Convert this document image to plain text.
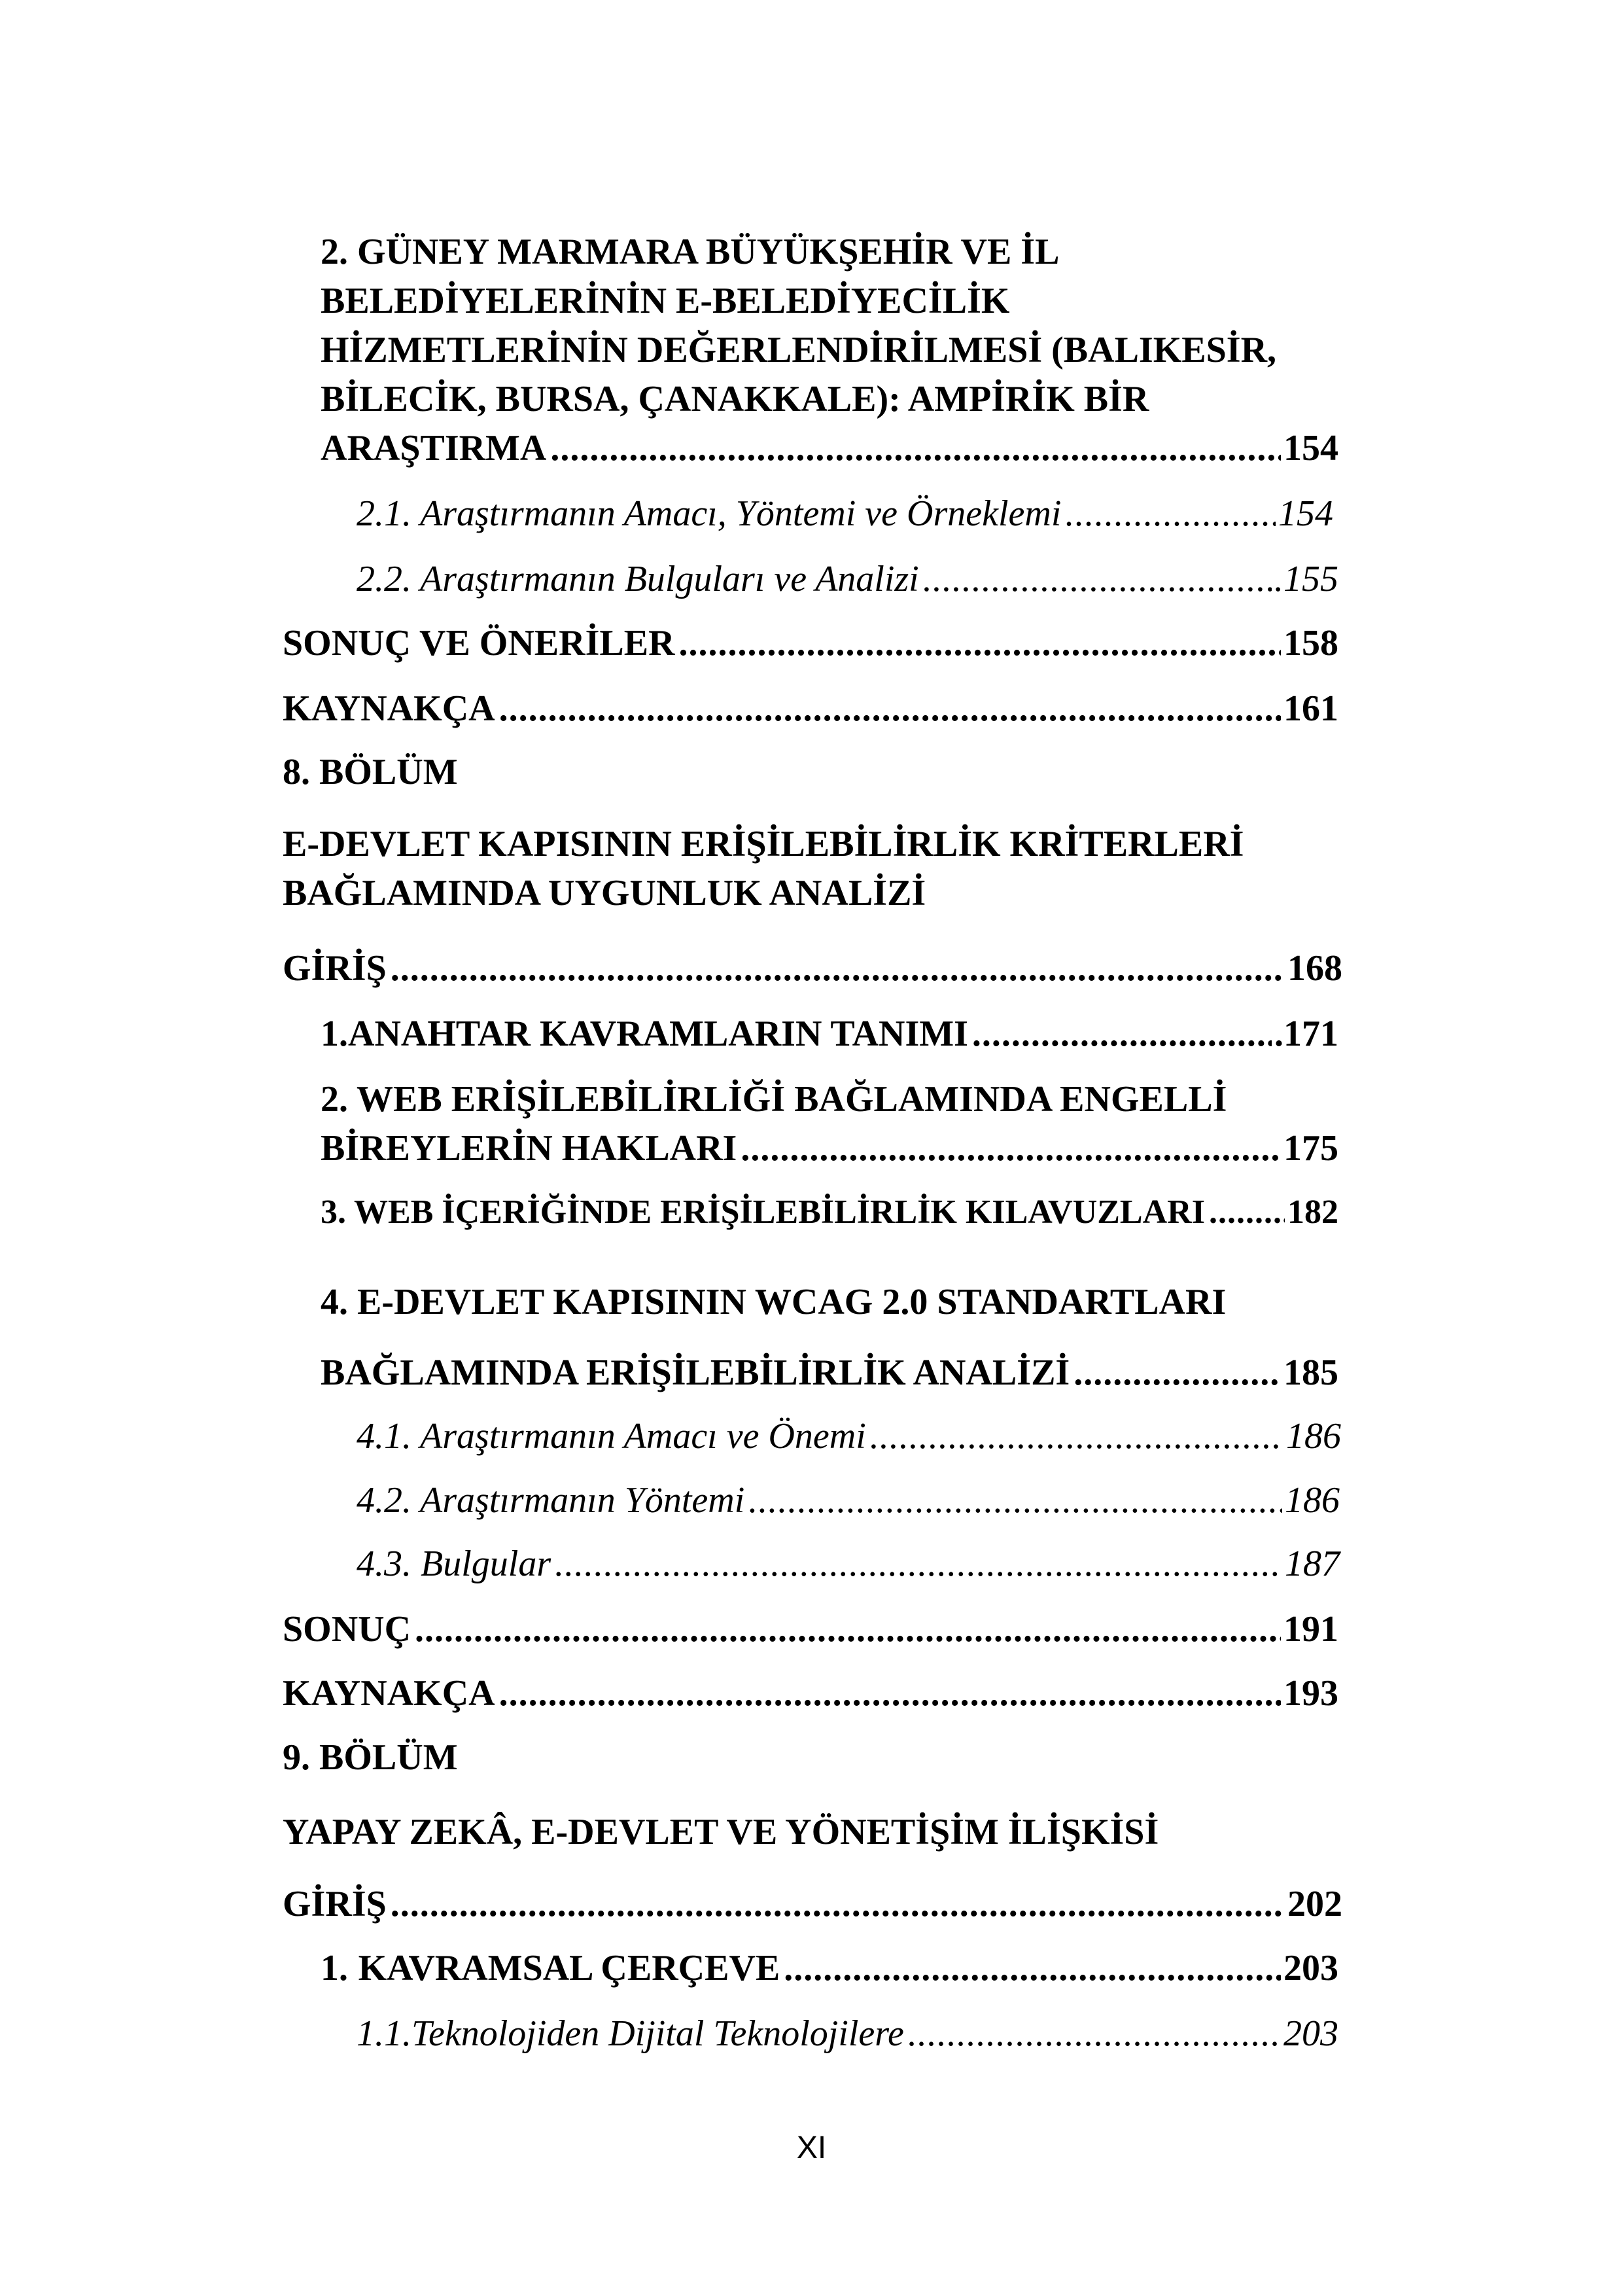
2. GÜNEY MARMARA BÜYÜKŞEHİR VE İL
BELEDİYELERİNİN E-BELEDİYECİLİK
HİZMETLERİNİN DEĞERLENDİRİLMESİ (BALIKESİR,
BİLECİK, BURSA, ÇANAKKALE): AMPİRİK BİR
ARAŞTIRMA .....	154
2.1. Araştırmanın Amacı, Yöntemi ve Örneklemi .....	154
2.2. Araştırmanın Bulguları ve Analizi .....	.155
SONUÇ VE ÖNERİLER .....	158
KAYNAKÇA .....	161
8. BÖLÜM
E-DEVLET KAPISININ ERİŞİLEBİLİRLİK KRİTERLERİ
BAĞLAMINDA UYGUNLUK ANALİZİ
GİRİŞ .....	168
1.ANAHTAR KAVRAMLARIN TANIMI .....	.171
2. WEB ERİŞİLEBİLİRLİĞİ BAĞLAMINDA ENGELLİ
BİREYLERİN HAKLARI .....	175
3. WEB İÇERİĞİNDE ERİŞİLEBİLİRLİK KILAVUZLARI ..... 182
4. E-DEVLET KAPISININ WCAG 2.0 STANDARTLARI
BAĞLAMINDA ERİŞİLEBİLİRLİK ANALİZİ .....	185
4.1. Araştırmanın Amacı ve Önemi .....	186
4.2. Araştırmanın Yöntemi .....	186
4.3. Bulgular .....	187
SONUÇ .....	191
KAYNAKÇA .....	193
9. BÖLÜM
YAPAY ZEKÂ, E-DEVLET VE YÖNETİŞİM İLİŞKİSİ
GİRİŞ .....	202
1. KAVRAMSAL ÇERÇEVE .....	203
1.1.Teknolojiden Dijital Teknolojilere .....	203
XI
